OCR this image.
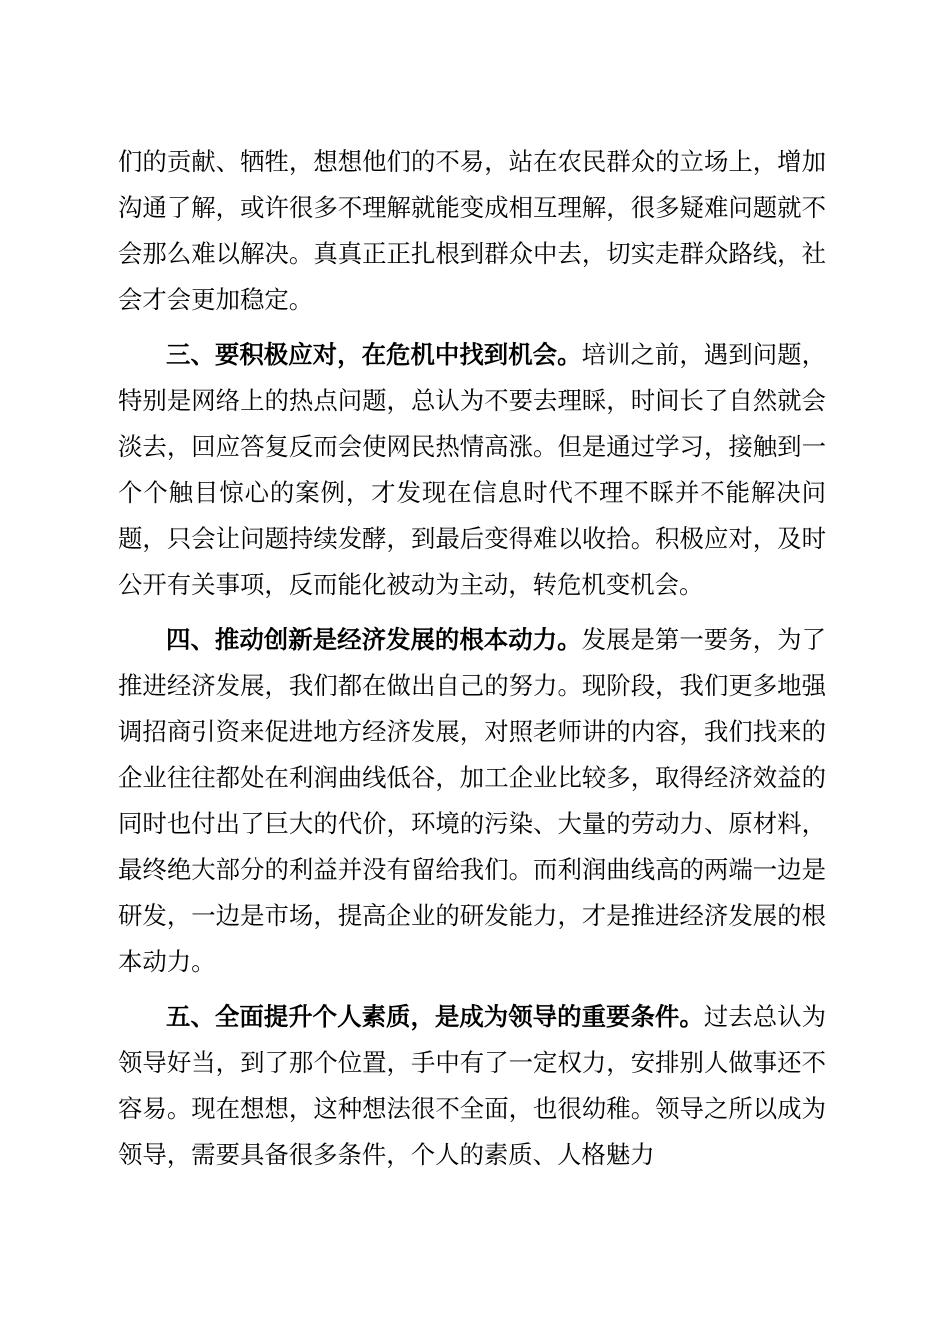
们的贡献、牺牲，想想他们的不易，站在农民群众的立场上，增加沟通了解，或许很多不理解就能变成相互理解，很多疑难问题就不会那么难以解决。真真正正扎根到群众中去，切实走群众路线，社会才会更加稳定。

三、要积极应对，在危机中找到机会。培训之前，遇到问题，特别是网络上的热点问题，总认为不要去理睬，时间长了自然就会淡去，回应答复反而会使网民热情高涨。但是通过学习，接触到一个个触目惊心的案例，才发现在信息时代不理不睬并不能解决问题，只会让问题持续发酵，到最后变得难以收拾。积极应对，及时公开有关事项，反而能化被动为主动，转危机变机会。

四、推动创新是经济发展的根本动力。发展是第一要务，为了推进经济发展，我们都在做出自己的努力。现阶段，我们更多地强调招商引资来促进地方经济发展，对照老师讲的内容，我们找来的企业往往都处在利润曲线低谷，加工企业比较多，取得经济效益的同时也付出了巨大的代价，环境的污染、大量的劳动力、原材料，最终绝大部分的利益并没有留给我们。而利润曲线高的两端一边是研发，一边是市场，提高企业的研发能力，才是推进经济发展的根本动力。

五、全面提升个人素质，是成为领导的重要条件。过去总认为领导好当，到了那个位置，手中有了一定权力，安排别人做事还不容易。现在想想，这种想法很不全面，也很幼稚。领导之所以成为领导，需要具备很多条件，个人的素质、人格魅力
